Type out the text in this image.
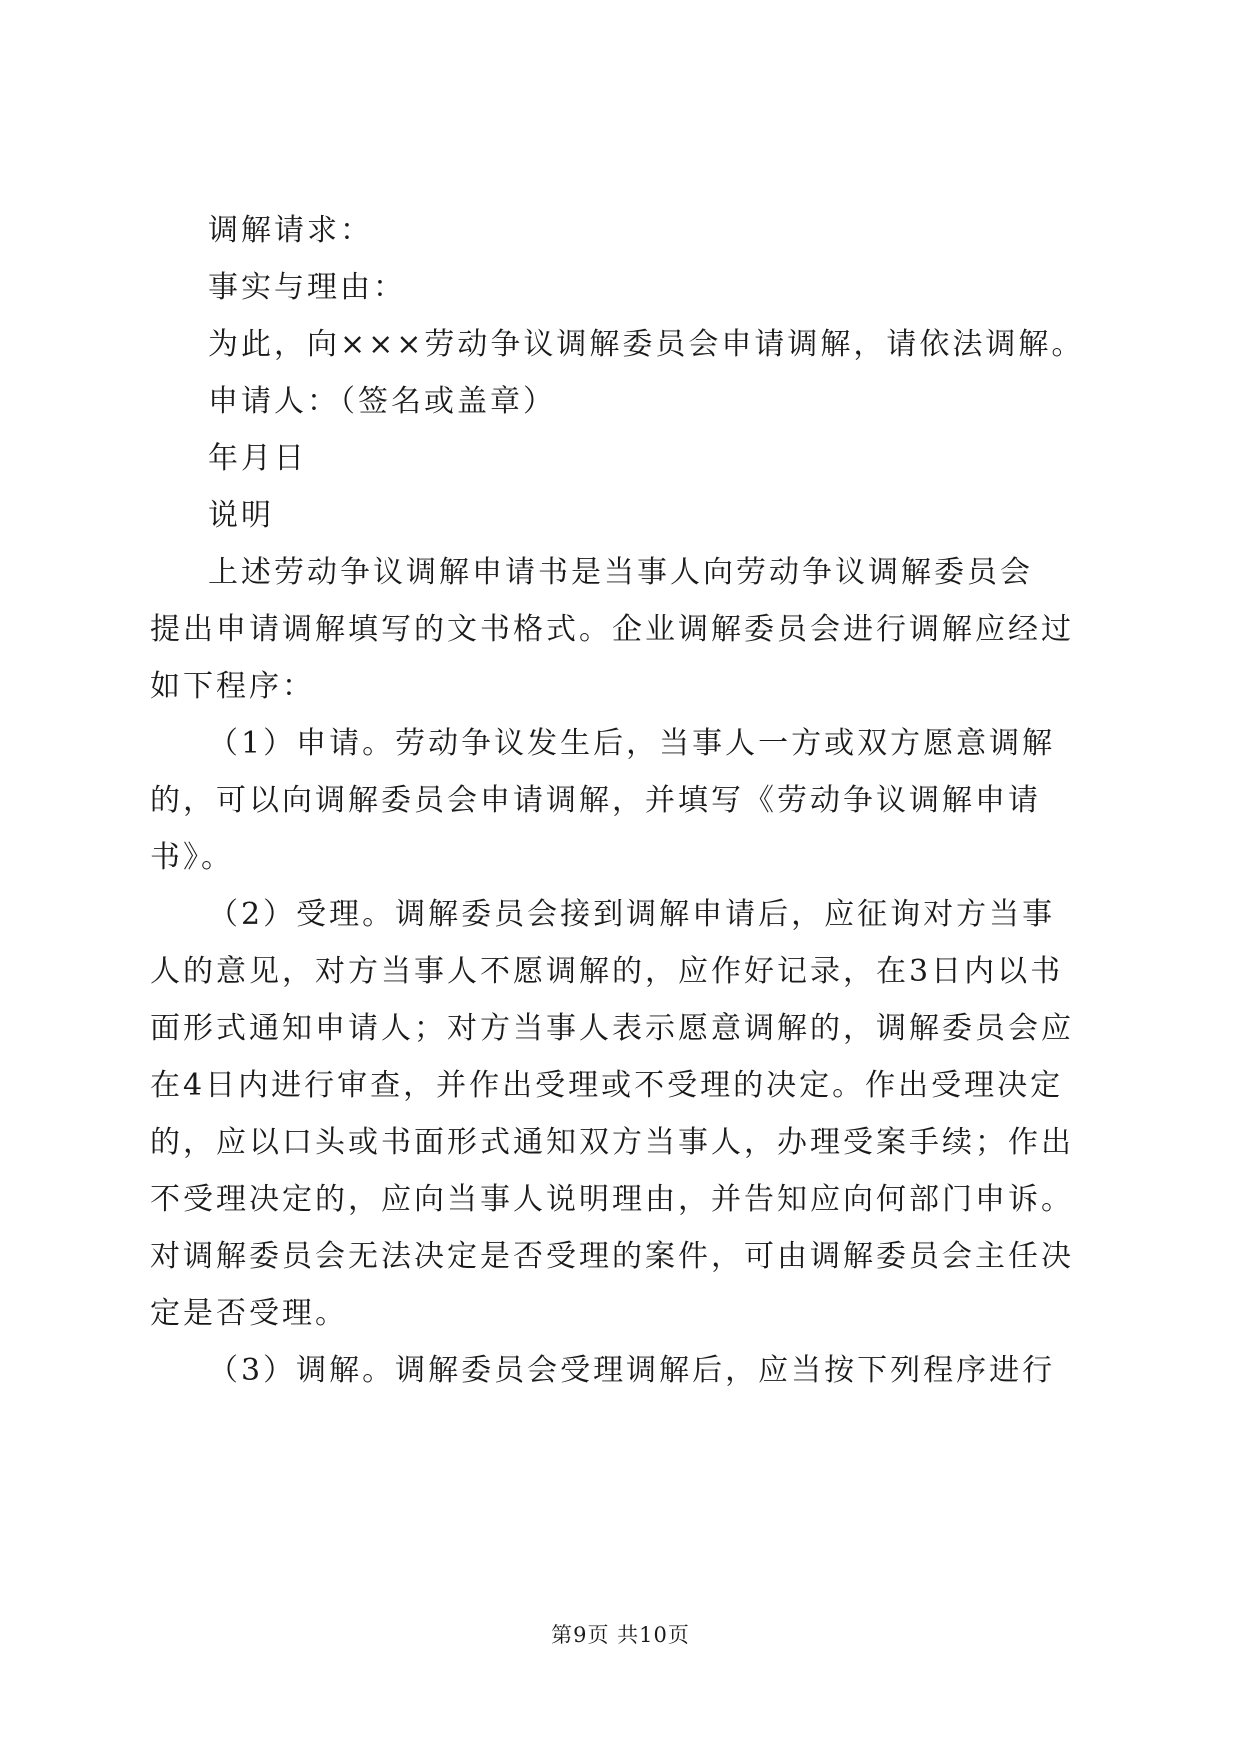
调解请求：
事实与理由：
为此，向×××劳动争议调解委员会申请调解，请依法调解。
申请人：（签名或盖章）
年月日
说明
上述劳动争议调解申请书是当事人向劳动争议调解委员会
提出申请调解填写的文书格式。企业调解委员会进行调解应经过
如下程序：
（1）申请。劳动争议发生后，当事人一方或双方愿意调解
的，可以向调解委员会申请调解，并填写《劳动争议调解申请
书》。
（2）受理。调解委员会接到调解申请后，应征询对方当事
人的意见，对方当事人不愿调解的，应作好记录，在3日内以书
面形式通知申请人；对方当事人表示愿意调解的，调解委员会应
在4日内进行审查，并作出受理或不受理的决定。作出受理决定
的，应以口头或书面形式通知双方当事人，办理受案手续；作出
不受理决定的，应向当事人说明理由，并告知应向何部门申诉。
对调解委员会无法决定是否受理的案件，可由调解委员会主任决
定是否受理。
（3）调解。调解委员会受理调解后，应当按下列程序进行
第9页 共10页
